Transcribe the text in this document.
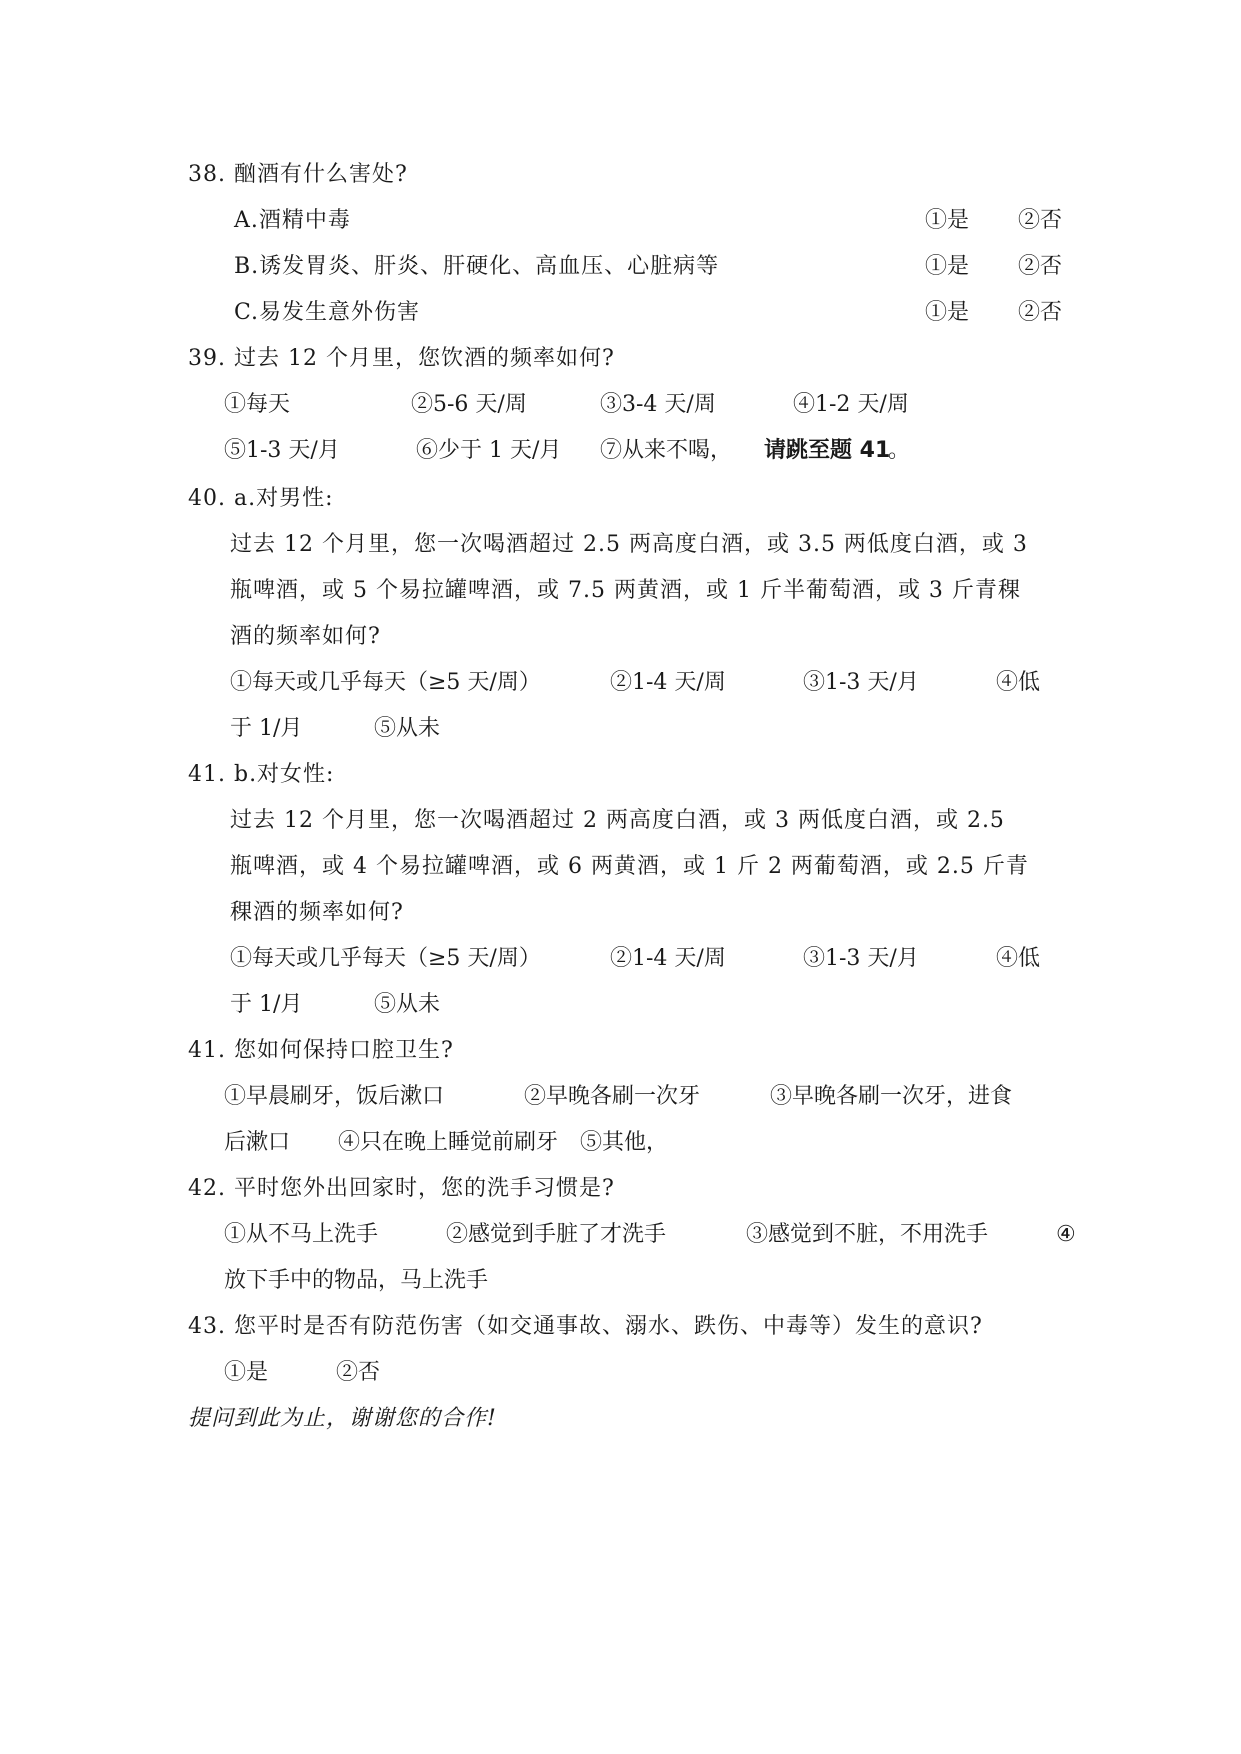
38. 酗酒有什么害处?
A.酒精中毒	①是 ②否
B.诱发胃炎、肝炎、肝硬化、高血压、心脏病等	①是 ②否
C.易发生意外伤害	①是 ②否
39. 过去 12 个月里，您饮酒的频率如何?
①每天	②5-6 天/周	③3-4 天/周	④1-2 天/周
⑤1-3 天/月	⑥少于 1 天/月 ⑦从来不喝， 请跳至题 41
。
40. a.对男性:
过去 12 个月里，您一次喝酒超过 2.5 两高度白酒，或 3.5 两低度白酒，或 3
瓶啤酒，或 5 个易拉罐啤酒，或 7.5 两黄酒，或 1 斤半葡萄酒，或 3 斤青稞
酒的频率如何?
①每天或几乎每天（≥5 天/周）	②1-4 天/周	③1-3 天/月	④低
于 1/月	⑤从未
41. b.对女性:
过去 12 个月里，您一次喝酒超过 2 两高度白酒，或 3 两低度白酒，或 2.5
瓶啤酒，或 4 个易拉罐啤酒，或 6 两黄酒，或 1 斤 2 两葡萄酒，或 2.5 斤青
稞酒的频率如何?
①每天或几乎每天（≥5 天/周）	②1-4 天/周	③1-3 天/月	④低
于 1/月	⑤从未
41. 您如何保持口腔卫生?
①早晨刷牙，饭后漱口	②早晚各刷一次牙	③早晚各刷一次牙，进食
后漱口 ④只在晚上睡觉前刷牙 ⑤其他，
42. 平时您外出回家时，您的洗手习惯是?
①从不马上洗手	②感觉到手脏了才洗手	③感觉到不脏，不用洗手	④
放下手中的物品，马上洗手
43. 您平时是否有防范伤害（如交通事故、溺水、跌伤、中毒等）发生的意识?
①是	②否
提问到此为止，谢谢您的合作!
